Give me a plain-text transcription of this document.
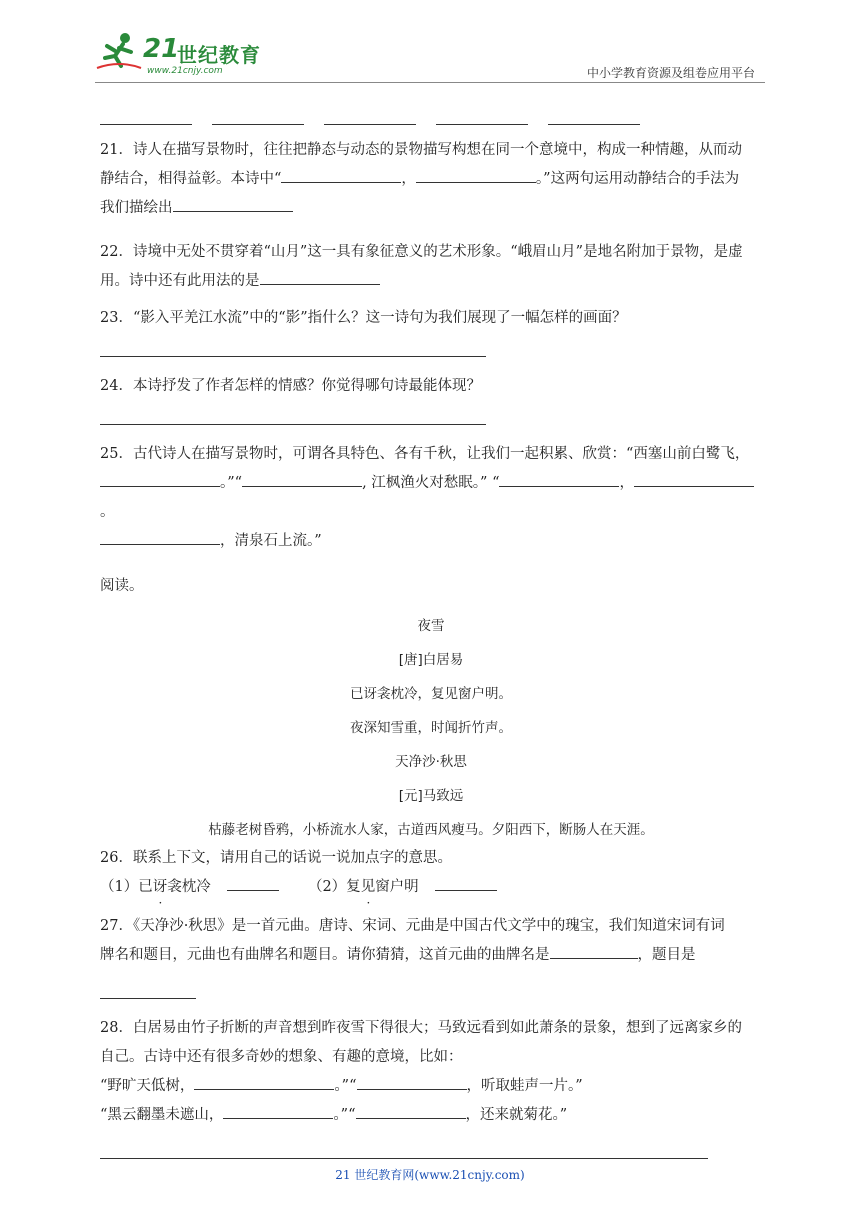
21
世纪教育
www.21cnjy.com	中小学教育资源及组卷应用平台
21．诗人在描写景物时，往往把静态与动态的景物描写构想在同一个意境中，构成一种情趣，从而动
静结合，相得益彰。本诗中“	，	。”这两句运用动静结合的手法为
我们描绘出
22．诗境中无处不贯穿着“山月”这一具有象征意义的艺术形象。“峨眉山月”是地名附加于景物，是虚
用。诗中还有此用法的是
23．“影入平羌江水流”中的“影”指什么？这一诗句为我们展现了一幅怎样的画面？
24．本诗抒发了作者怎样的情感？你觉得哪句诗最能体现？
25．古代诗人在描写景物时，可谓各具特色、各有千秋，让我们一起积累、欣赏：“西塞山前白鹭飞，
。”“	, 江枫渔火对愁眠。” “	，。
，清泉石上流。”
阅读。
夜雪
[唐]白居易
已讶衾枕冷，复见窗户明。
夜深知雪重，时闻折竹声。
天净沙·秋思
[元]马致远
枯藤老树昏鸦，小桥流水人家，古道西风瘦马。夕阳西下，断肠人在天涯。
26．联系上下文，请用自己的话说一说加点字的意思。
（1）已讶衾枕冷	（2）复见窗户明
27．《天净沙·秋思》是一首元曲。唐诗、宋词、元曲是中国古代文学中的瑰宝，我们知道宋词有词
牌名和题目，元曲也有曲牌名和题目。请你猜猜，这首元曲的曲牌名是	，题目是
28．白居易由竹子折断的声音想到昨夜雪下得很大；马致远看到如此萧条的景象，想到了远离家乡的
自己。古诗中还有很多奇妙的想象、有趣的意境，比如：
“野旷天低树，	。”“	，听取蛙声一片。”
“黑云翻墨未遮山，	。”“	，还来就菊花。”
21 世纪教育网(www.21cnjy.com)
